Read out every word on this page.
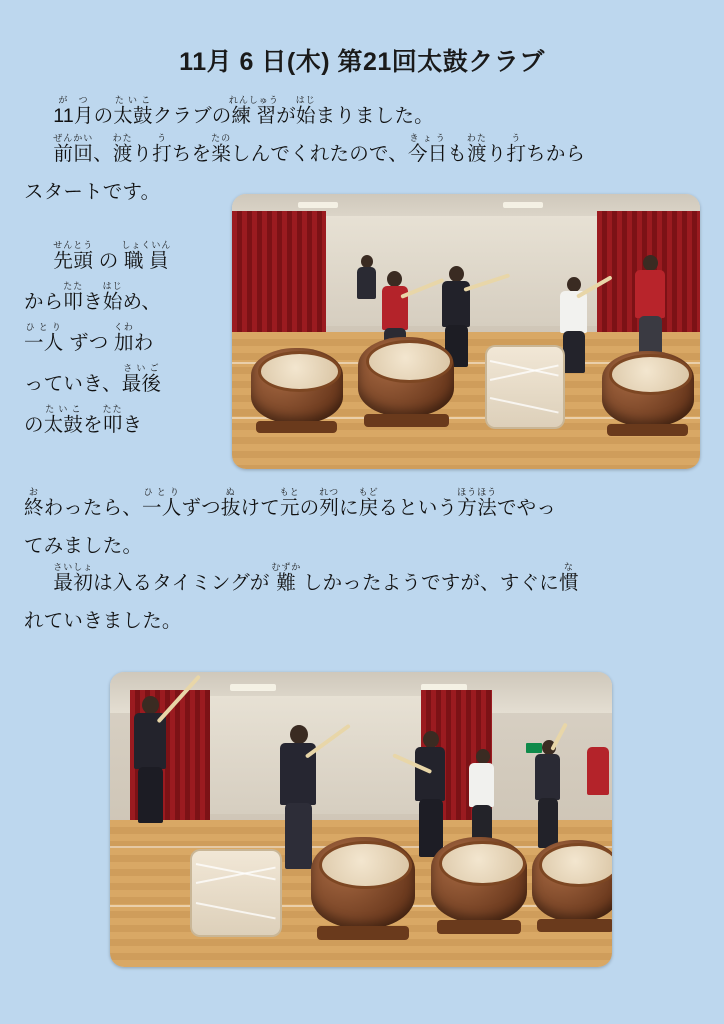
11月 6 日(木) 第21回太鼓クラブ
11月がつの太鼓たいこクラブの練習れんしゅうが始はじまりました。
前回ぜんかい、渡わたり打うちを楽たのしんでくれたので、今日きょうも渡わたり打うちから
スタートです。
先頭せんとう の 職員しょくいん
から叩たたき始はじめ、
一人ひとり ずつ 加くわわ
っていき、最後さいご
の太鼓たいこを叩たたき
終おわったら、一人ひとりずつ抜ぬけて元もとの列れつに戻もどるという方法ほうほうでやっ
てみました。
最初さいしょは入るタイミングが 難むずか しかったようですが、すぐに慣な
れていきました。
